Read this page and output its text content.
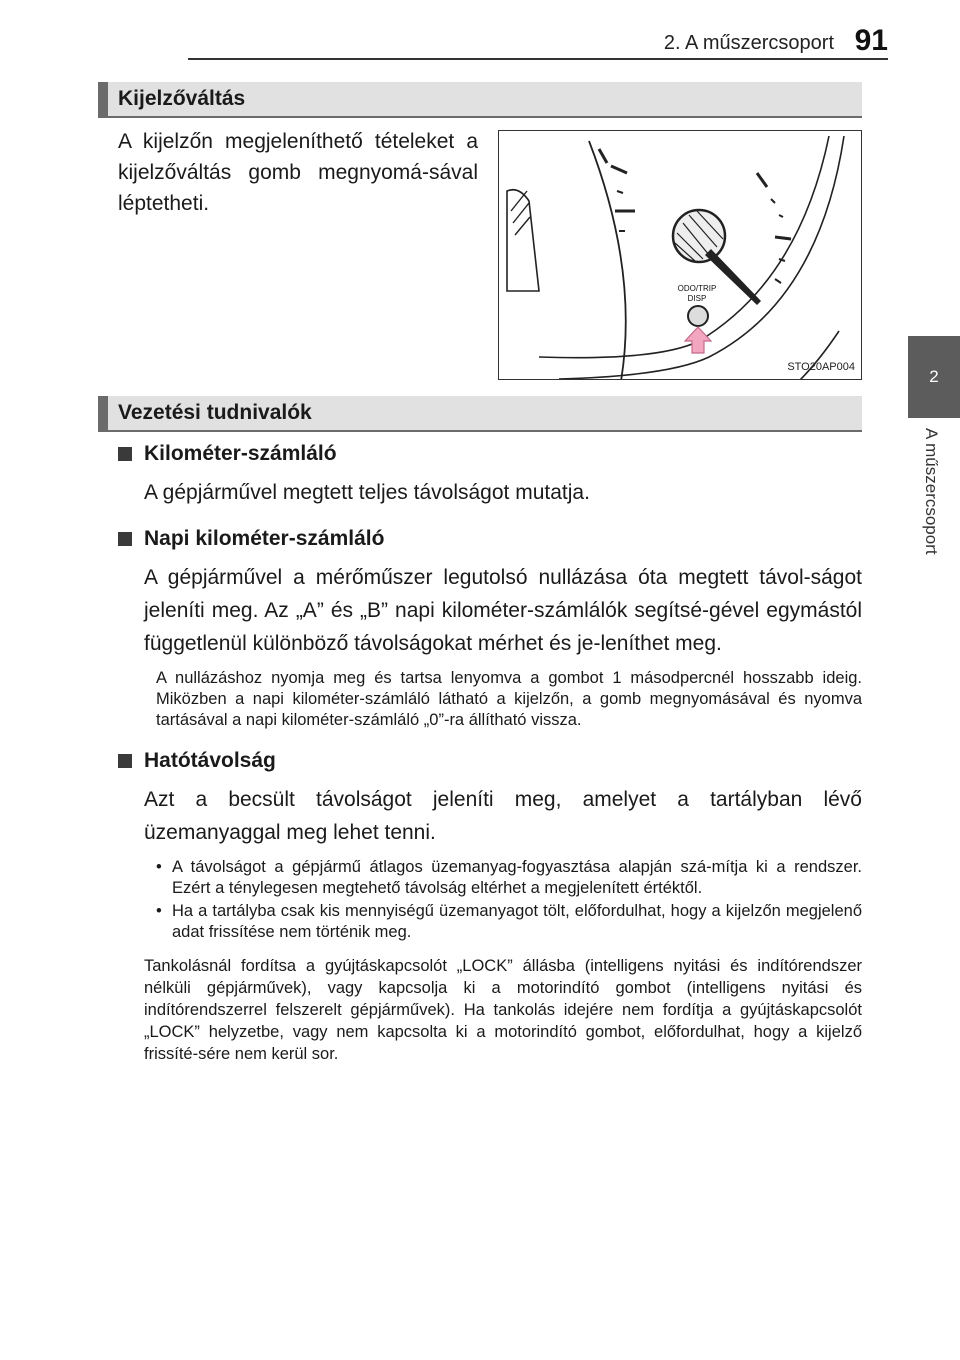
2. A műszercsoport 91
2
A műszercsoport
Kijelzőváltás
A kijelzőn megjeleníthető tételeket a kijelzőváltás gomb megnyomá-sával léptetheti.
ODO/TRIP
DISP
STO20AP004
Vezetési tudnivalók
Kilométer-számláló
A gépjárművel megtett teljes távolságot mutatja.
Napi kilométer-számláló
A gépjárművel a mérőműszer legutolsó nullázása óta megtett távol-ságot jeleníti meg. Az „A” és „B” napi kilométer-számlálók segítsé-gével egymástól függetlenül különböző távolságokat mérhet és je-leníthet meg.
A nullázáshoz nyomja meg és tartsa lenyomva a gombot 1 másodpercnél hosszabb ideig. Miközben a napi kilométer-számláló látható a kijelzőn, a gomb megnyomásával és nyomva tartásával a napi kilométer-számláló „0”-ra állítható vissza.
Hatótávolság
Azt a becsült távolságot jeleníti meg, amelyet a tartályban lévő üzemanyaggal meg lehet tenni.
• A távolságot a gépjármű átlagos üzemanyag-fogyasztása alapján szá-mítja ki a rendszer. Ezért a ténylegesen megtehető távolság eltérhet a megjelenített értéktől.
• Ha a tartályba csak kis mennyiségű üzemanyagot tölt, előfordulhat, hogy a kijelzőn megjelenő adat frissítése nem történik meg.
Tankolásnál fordítsa a gyújtáskapcsolót „LOCK” állásba (intelligens nyitási és indítórendszer nélküli gépjárművek), vagy kapcsolja ki a motorindító gombot (intelligens nyitási és indítórendszerrel felszerelt gépjárművek). Ha tankolás idejére nem fordítja a gyújtáskapcsolót „LOCK” helyzetbe, vagy nem kapcsolta ki a motorindító gombot, előfordulhat, hogy a kijelző frissíté-sére nem kerül sor.
